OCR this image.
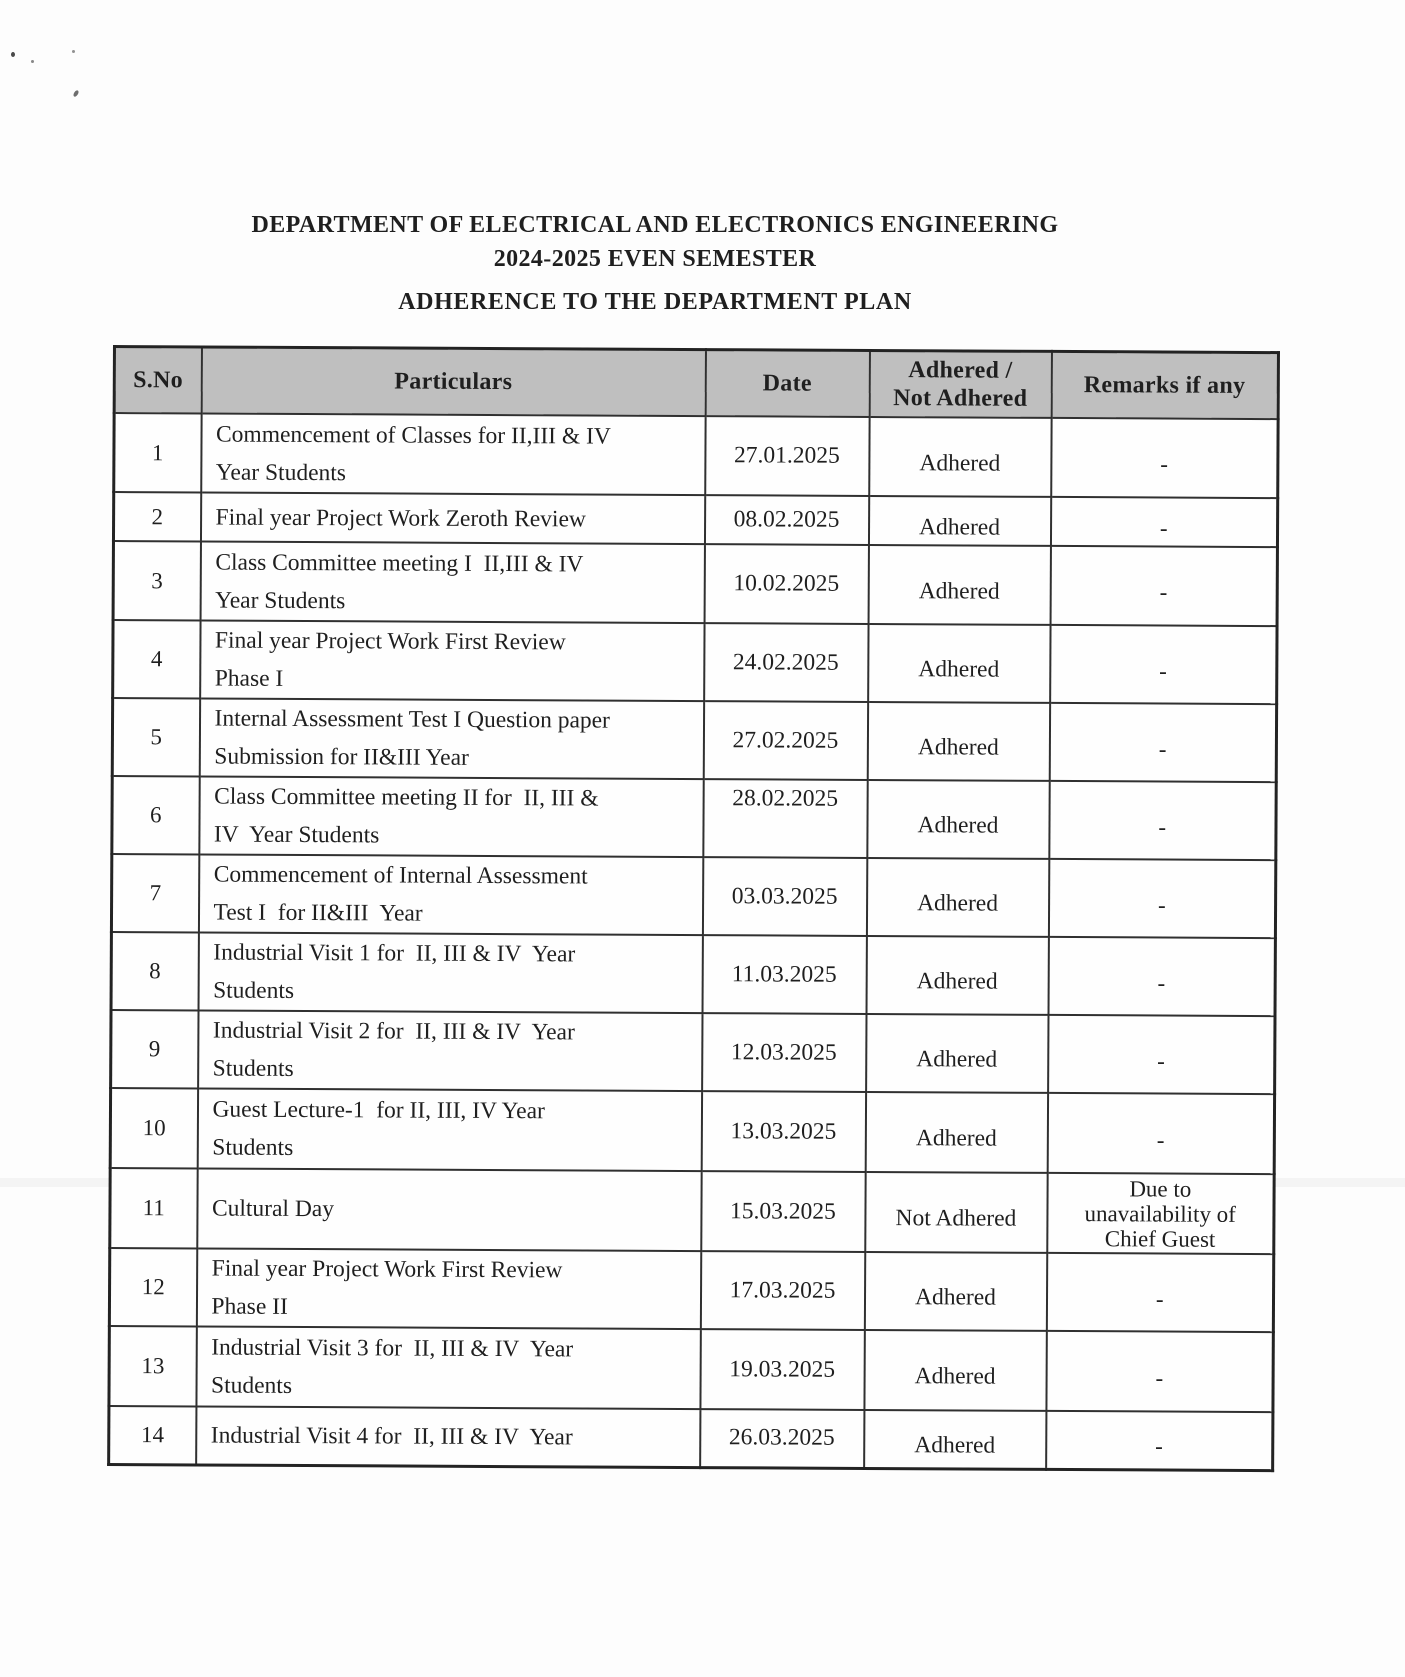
DEPARTMENT OF ELECTRICAL AND ELECTRONICS ENGINEERING
2024-2025 EVEN SEMESTER
ADHERENCE TO THE DEPARTMENT PLAN
S.No	Particulars	Date	Adhered /
Not Adhered	Remarks if any
1	Commencement of Classes for II,III & IV
Year Students	27.01.2025	Adhered	-
2	Final year Project Work Zeroth Review	08.02.2025	Adhered	-
3	Class Committee meeting I  II,III & IV
Year Students	10.02.2025	Adhered	-
4	Final year Project Work First Review
Phase I	24.02.2025	Adhered	-
5	Internal Assessment Test I Question paper
Submission for II&III Year	27.02.2025	Adhered	-
6	Class Committee meeting II for  II, III &
IV  Year Students	28.02.2025	Adhered	-
7	Commencement of Internal Assessment
Test I  for II&III  Year	03.03.2025	Adhered	-
8	Industrial Visit 1 for  II, III & IV  Year
Students	11.03.2025	Adhered	-
9	Industrial Visit 2 for  II, III & IV  Year
Students	12.03.2025	Adhered	-
10	Guest Lecture-1  for II, III, IV Year
Students	13.03.2025	Adhered	-
11	Cultural Day	15.03.2025	Not Adhered	Due to
unavailability of
Chief Guest
12	Final year Project Work First Review
Phase II	17.03.2025	Adhered	-
13	Industrial Visit 3 for  II, III & IV  Year
Students	19.03.2025	Adhered	-
14	Industrial Visit 4 for  II, III & IV  Year	26.03.2025	Adhered	-
